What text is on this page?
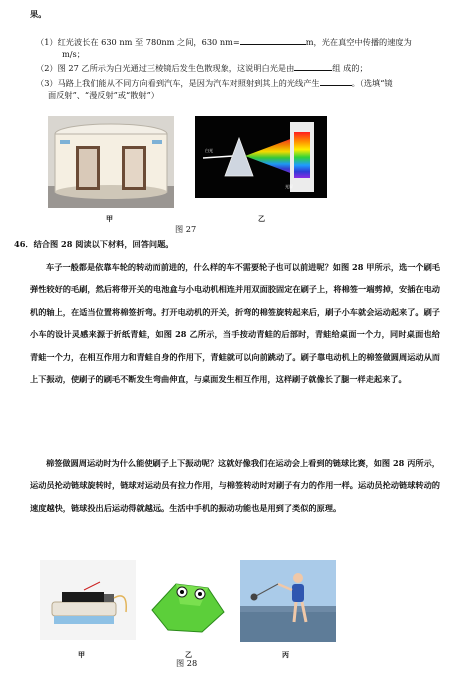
果。
（1）红光波长在 630 nm 至 780nm 之间，630 nm=	m，光在真空中传播的速度为
m/s；
（2）图 27 乙所示为白光通过三棱镜后发生色散现象，这说明白光是由	组 成的；
（3）马路上我们能从不同方向看到汽车，是因为汽车对照射到其上的光线产生	。（选填“镜
面反射”、“漫反射”或“散射”）
白光
光屏
甲
图 27
乙
46．结合图 28 阅读以下材料，回答问题。
车子一般都是依靠车轮的转动而前进的，什么样的车不需要轮子也可以前进呢？如图 28 甲所示，选一个刷毛弹性较好的毛刷，然后将带开关的电池盒与小电动机相连并用双面胶固定在刷子上，将棉签一端剪掉，安插在电动机的轴上，在适当位置将棉签折弯。打开电动机的开关，折弯的棉签旋转起来后，刷子小车就会运动起来了。刷子小车的设计灵感来源于折纸青蛙，如图 28 乙所示，当手按动青蛙的后部时，青蛙给桌面一个力，同时桌面也给青蛙一个力，在相互作用力和青蛙自身的作用下，青蛙就可以向前跳动了。刷子靠电动机上的棉签做圆周运动从而上下振动，使刷子的刷毛不断发生弯曲伸直，与桌面发生相互作用，这样刷子就像长了腿一样走起来了。
棉签做圆周运动时为什么能使刷子上下振动呢？这就好像我们在运动会上看到的链球比赛，如图 28 丙所示，运动员抡动链球旋转时，链球对运动员有拉力作用，与棉签转动时对刷子有力的作用一样。运动员抡动链球转动的速度越快，链球投出后运动得就越远。生活中手机的振动功能也是用到了类似的原理。
甲	乙
图 28
丙
